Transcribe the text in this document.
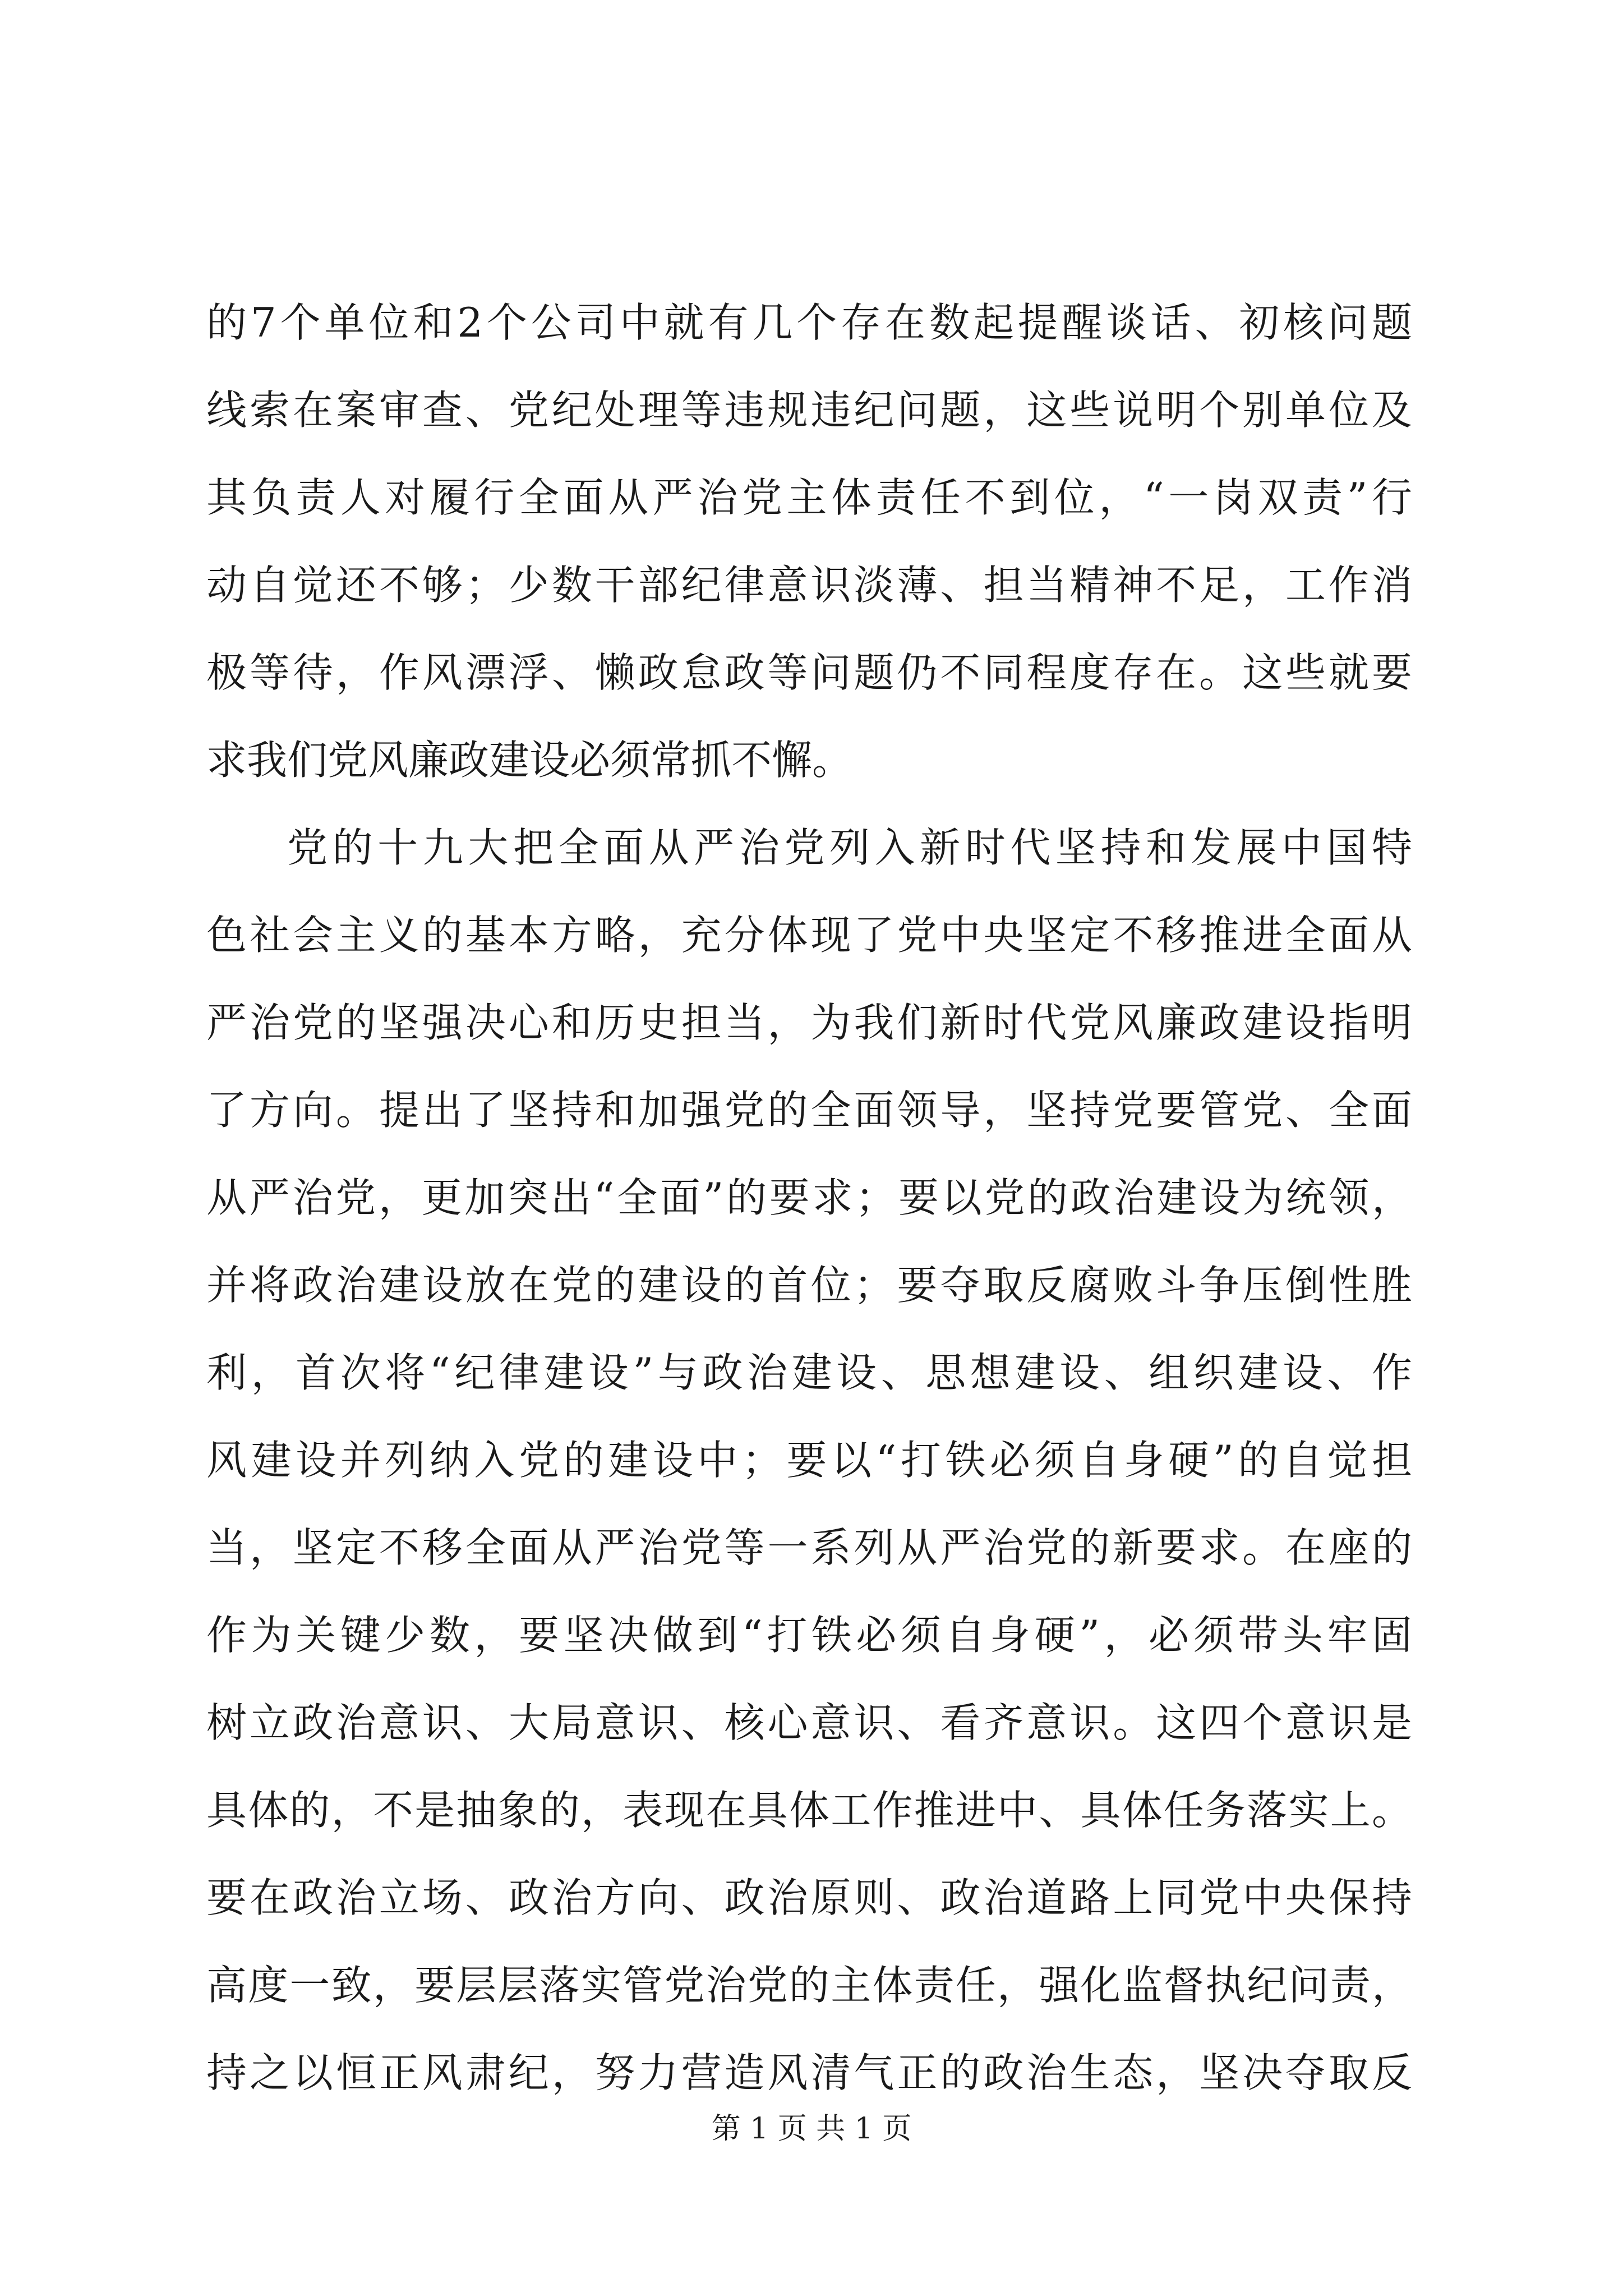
的7个单位和2个公司中就有几个存在数起提醒谈话、初核问题
线索在案审查、党纪处理等违规违纪问题，这些说明个别单位及
其负责人对履行全面从严治党主体责任不到位，“一岗双责”行
动自觉还不够；少数干部纪律意识淡薄、担当精神不足，工作消
极等待，作风漂浮、懒政怠政等问题仍不同程度存在。这些就要
求我们党风廉政建设必须常抓不懈。
党的十九大把全面从严治党列入新时代坚持和发展中国特
色社会主义的基本方略，充分体现了党中央坚定不移推进全面从
严治党的坚强决心和历史担当，为我们新时代党风廉政建设指明
了方向。提出了坚持和加强党的全面领导，坚持党要管党、全面
从严治党，更加突出“全面”的要求；要以党的政治建设为统领，
并将政治建设放在党的建设的首位；要夺取反腐败斗争压倒性胜
利，首次将“纪律建设”与政治建设、思想建设、组织建设、作
风建设并列纳入党的建设中；要以“打铁必须自身硬”的自觉担
当，坚定不移全面从严治党等一系列从严治党的新要求。在座的
作为关键少数，要坚决做到“打铁必须自身硬”，必须带头牢固
树立政治意识、大局意识、核心意识、看齐意识。这四个意识是
具体的，不是抽象的，表现在具体工作推进中、具体任务落实上。
要在政治立场、政治方向、政治原则、政治道路上同党中央保持
高度一致，要层层落实管党治党的主体责任，强化监督执纪问责，
持之以恒正风肃纪，努力营造风清气正的政治生态，坚决夺取反
第 1 页 共 1 页
